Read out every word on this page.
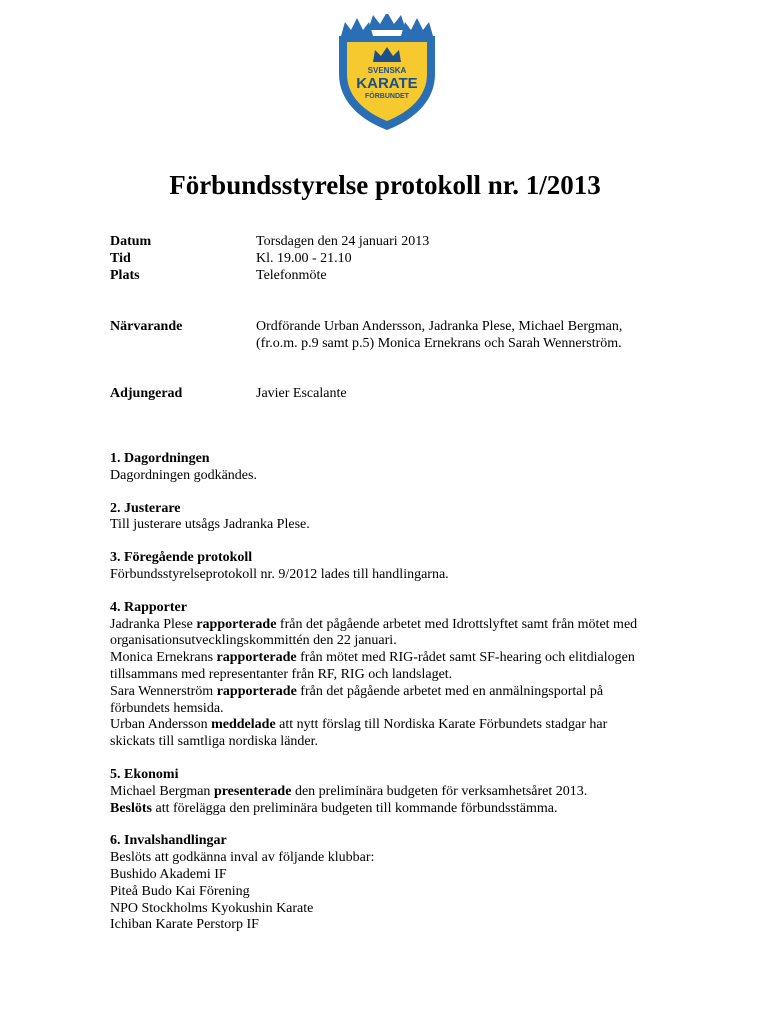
SVENSKA
KARATE
FÖRBUNDET
Förbundsstyrelse protokoll nr. 1/2013
Datum	Torsdagen den 24 januari 2013
Tid	Kl. 19.00 - 21.10
Plats	Telefonmöte
Närvarande	Ordförande Urban Andersson, Jadranka Plese, Michael Bergman,
(fr.o.m. p.9 samt p.5) Monica Ernekrans och Sarah Wennerström.
Adjungerad	Javier Escalante
1. Dagordningen

Dagordningen godkändes.

2. Justerare

Till justerare utsågs Jadranka Plese.

3. Föregående protokoll

Förbundsstyrelseprotokoll nr. 9/2012 lades till handlingarna.

4. Rapporter

Jadranka Plese rapporterade från det pågående arbetet med Idrottslyftet samt från mötet med
organisationsutvecklingskommittén den 22 januari.

Monica Ernekrans rapporterade från mötet med RIG-rådet samt SF-hearing och elitdialogen
tillsammans med representanter från RF, RIG och landslaget.

Sara Wennerström rapporterade från det pågående arbetet med en anmälningsportal på
förbundets hemsida.

Urban Andersson meddelade att nytt förslag till Nordiska Karate Förbundets stadgar har
skickats till samtliga nordiska länder.

5. Ekonomi

Michael Bergman presenterade den preliminära budgeten för verksamhetsåret 2013.

Beslöts att förelägga den preliminära budgeten till kommande förbundsstämma.

6. Invalshandlingar

Beslöts att godkänna inval av följande klubbar:

Bushido Akademi IF

Piteå Budo Kai Förening

NPO Stockholms Kyokushin Karate

Ichiban Karate Perstorp IF
